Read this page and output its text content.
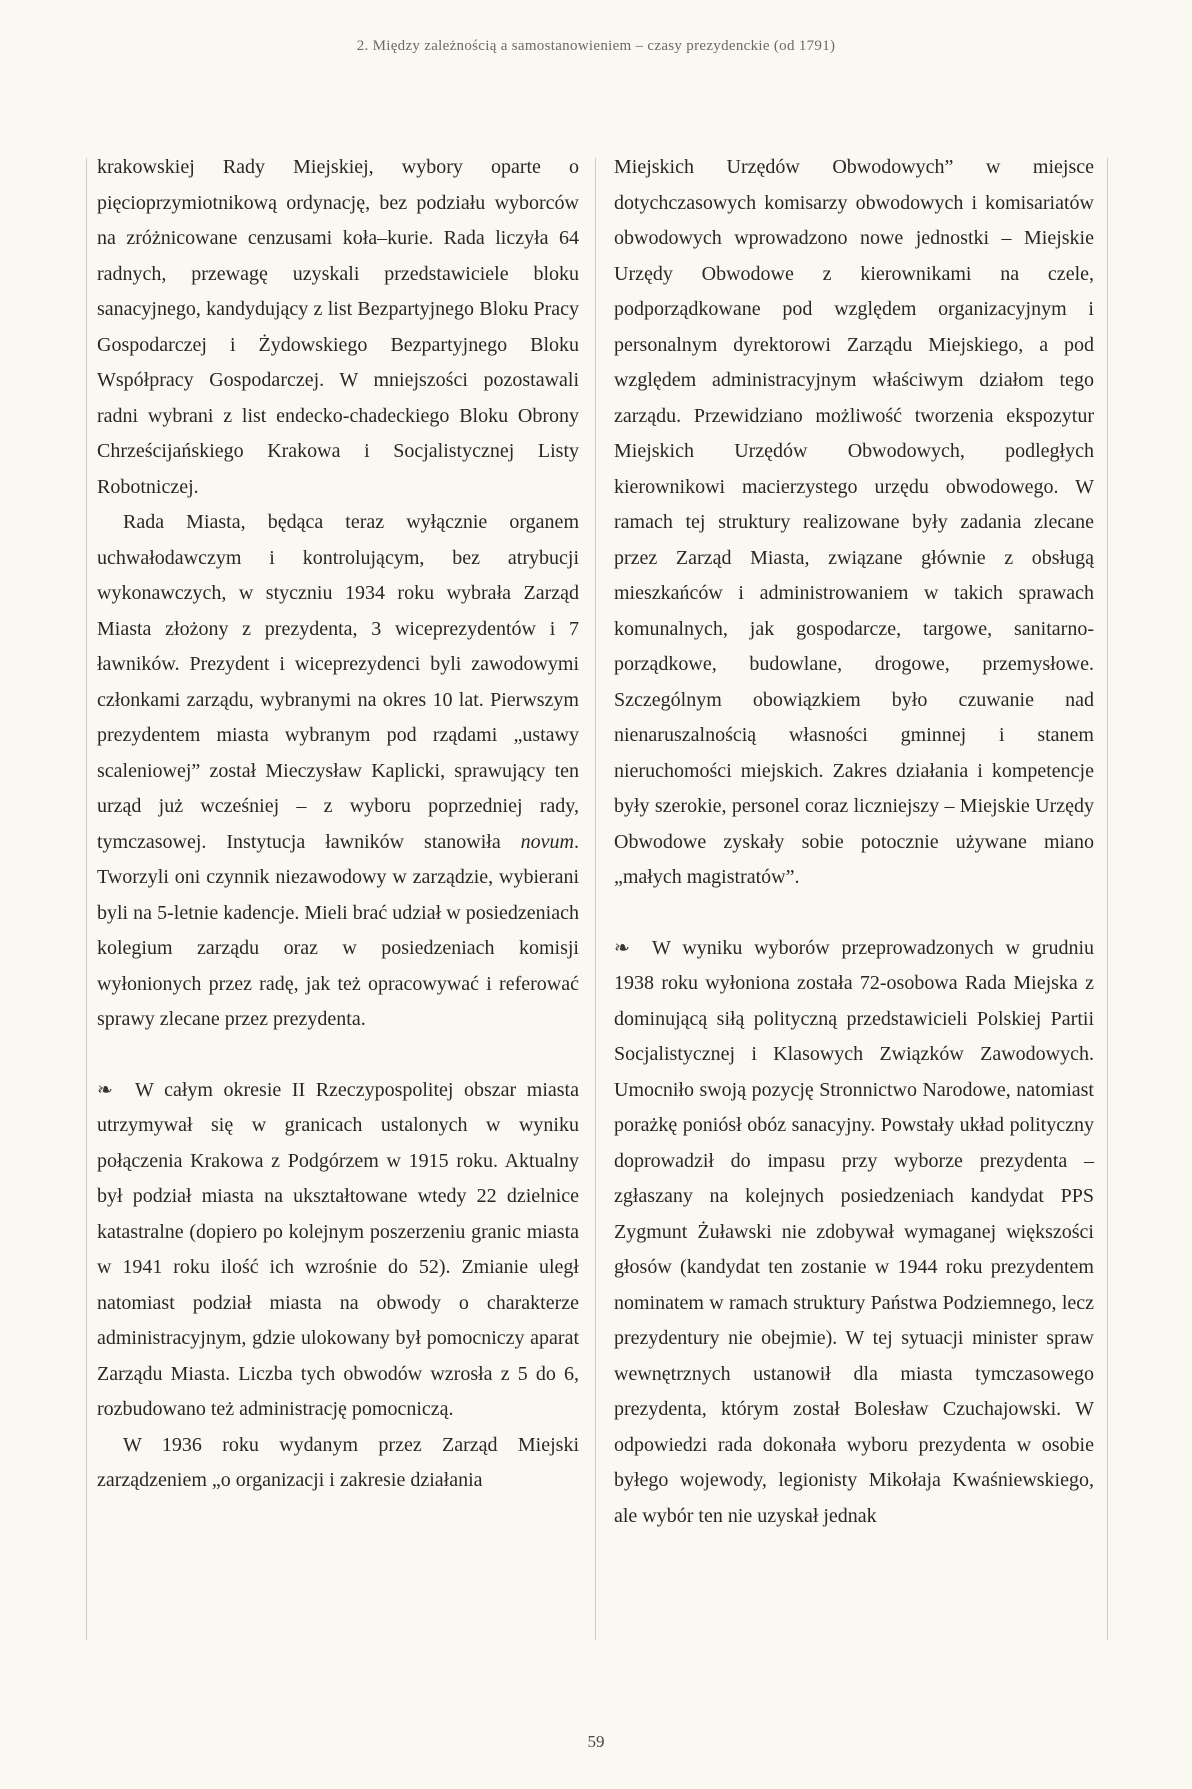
2. Między zależnością a samostanowieniem – czasy prezydenckie (od 1791)

krakowskiej Rady Miejskiej, wybory oparte o pięcioprzymiotnikową ordynację, bez podziału wyborców na zróżnicowane cenzusami koła–kurie. Rada liczyła 64 radnych, przewagę uzyskali przedstawiciele bloku sanacyjnego, kandydujący z list Bezpartyjnego Bloku Pracy Gospodarczej i Żydowskiego Bezpartyjnego Bloku Współpracy Gospodarczej. W mniejszości pozostawali radni wybrani z list endecko-chadeckiego Bloku Obrony Chrześcijańskiego Krakowa i Socjalistycznej Listy Robotniczej.

Rada Miasta, będąca teraz wyłącznie organem uchwałodawczym i kontrolującym, bez atrybucji wykonawczych, w styczniu 1934 roku wybrała Zarząd Miasta złożony z prezydenta, 3 wiceprezydentów i 7 ławników. Prezydent i wiceprezydenci byli zawodowymi członkami zarządu, wybranymi na okres 10 lat. Pierwszym prezydentem miasta wybranym pod rządami „ustawy scaleniowej” został Mieczysław Kaplicki, sprawujący ten urząd już wcześniej – z wyboru poprzedniej rady, tymczasowej. Instytucja ławników stanowiła novum. Tworzyli oni czynnik niezawodowy w zarządzie, wybierani byli na 5-letnie kadencje. Mieli brać udział w posiedzeniach kolegium zarządu oraz w posiedzeniach komisji wyłonionych przez radę, jak też opracowywać i referować sprawy zlecane przez prezydenta.

❧ W całym okresie II Rzeczypospolitej obszar miasta utrzymywał się w granicach ustalonych w wyniku połączenia Krakowa z Podgórzem w 1915 roku. Aktualny był podział miasta na ukształtowane wtedy 22 dzielnice katastralne (dopiero po kolejnym poszerzeniu granic miasta w 1941 roku ilość ich wzrośnie do 52). Zmianie uległ natomiast podział miasta na obwody o charakterze administracyjnym, gdzie ulokowany był pomocniczy aparat Zarządu Miasta. Liczba tych obwodów wzrosła z 5 do 6, rozbudowano też administrację pomocniczą.

W 1936 roku wydanym przez Zarząd Miejski zarządzeniem „o organizacji i zakresie działania

Miejskich Urzędów Obwodowych” w miejsce dotychczasowych komisarzy obwodowych i komisariatów obwodowych wprowadzono nowe jednostki – Miejskie Urzędy Obwodowe z kierownikami na czele, podporządkowane pod względem organizacyjnym i personalnym dyrektorowi Zarządu Miejskiego, a pod względem administracyjnym właściwym działom tego zarządu. Przewidziano możliwość tworzenia ekspozytur Miejskich Urzędów Obwodowych, podległych kierownikowi macierzystego urzędu obwodowego. W ramach tej struktury realizowane były zadania zlecane przez Zarząd Miasta, związane głównie z obsługą mieszkańców i administrowaniem w takich sprawach komunalnych, jak gospodarcze, targowe, sanitarno-porządkowe, budowlane, drogowe, przemysłowe. Szczególnym obowiązkiem było czuwanie nad nienaruszalnością własności gminnej i stanem nieruchomości miejskich. Zakres działania i kompetencje były szerokie, personel coraz liczniejszy – Miejskie Urzędy Obwodowe zyskały sobie potocznie używane miano „małych magistratów”.

❧ W wyniku wyborów przeprowadzonych w grudniu 1938 roku wyłoniona została 72-osobowa Rada Miejska z dominującą siłą polityczną przedstawicieli Polskiej Partii Socjalistycznej i Klasowych Związków Zawodowych. Umocniło swoją pozycję Stronnictwo Narodowe, natomiast porażkę poniósł obóz sanacyjny. Powstały układ polityczny doprowadził do impasu przy wyborze prezydenta – zgłaszany na kolejnych posiedzeniach kandydat PPS Zygmunt Żuławski nie zdobywał wymaganej większości głosów (kandydat ten zostanie w 1944 roku prezydentem nominatem w ramach struktury Państwa Podziemnego, lecz prezydentury nie obejmie). W tej sytuacji minister spraw wewnętrznych ustanowił dla miasta tymczasowego prezydenta, którym został Bolesław Czuchajowski. W odpowiedzi rada dokonała wyboru prezydenta w osobie byłego wojewody, legionisty Mikołaja Kwaśniewskiego, ale wybór ten nie uzyskał jednak

59
